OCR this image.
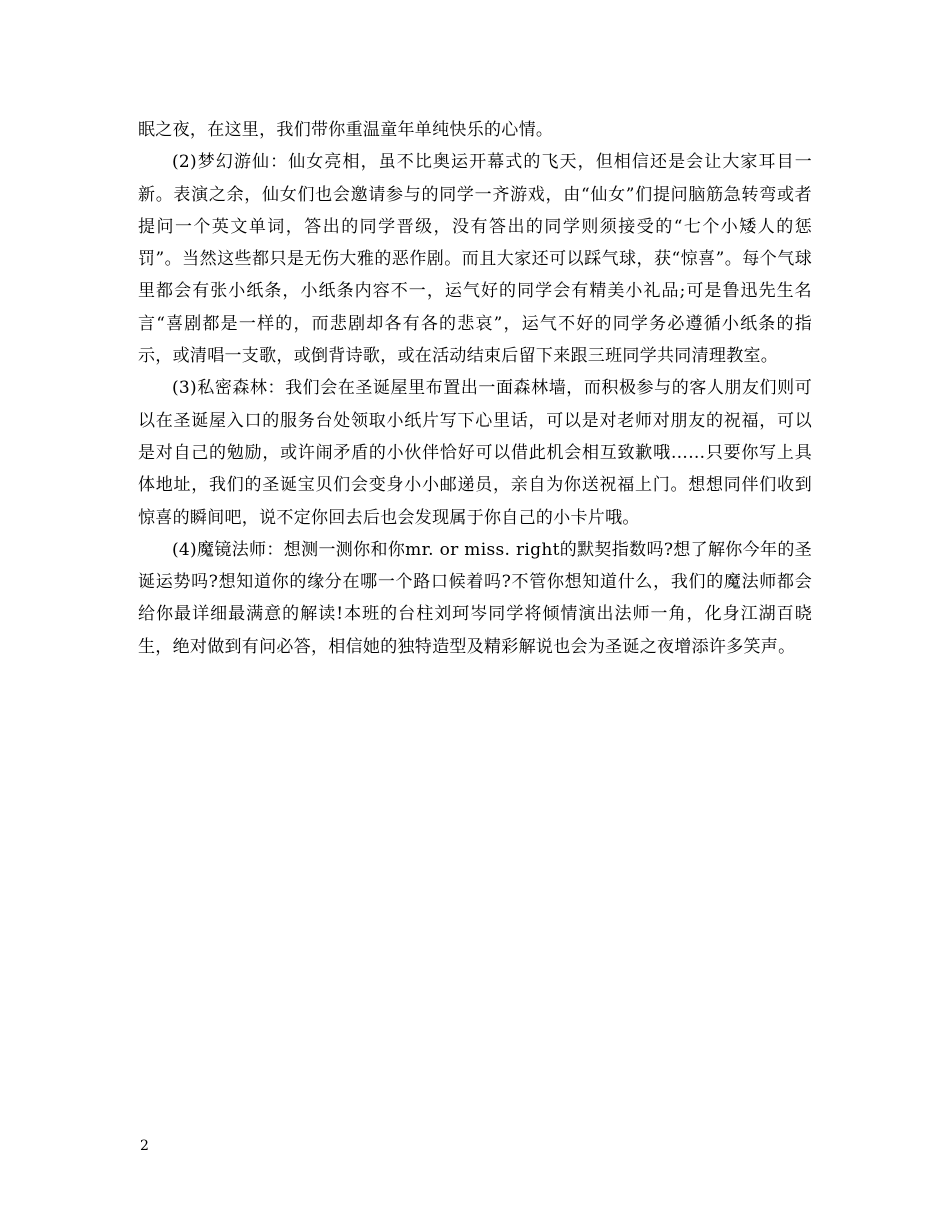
眠之夜，在这里，我们带你重温童年单纯快乐的心情。

(2)梦幻游仙：仙女亮相，虽不比奥运开幕式的飞天，但相信还是会让大家耳目一新。表演之余，仙女们也会邀请参与的同学一齐游戏，由“仙女”们提问脑筋急转弯或者提问一个英文单词，答出的同学晋级，没有答出的同学则须接受的“七个小矮人的惩罚”。当然这些都只是无伤大雅的恶作剧。而且大家还可以踩气球，获“惊喜”。每个气球里都会有张小纸条，小纸条内容不一，运气好的同学会有精美小礼品;可是鲁迅先生名言“喜剧都是一样的，而悲剧却各有各的悲哀”，运气不好的同学务必遵循小纸条的指示，或清唱一支歌，或倒背诗歌，或在活动结束后留下来跟三班同学共同清理教室。

(3)私密森林：我们会在圣诞屋里布置出一面森林墙，而积极参与的客人朋友们则可以在圣诞屋入口的服务台处领取小纸片写下心里话，可以是对老师对朋友的祝福，可以是对自己的勉励，或许闹矛盾的小伙伴恰好可以借此机会相互致歉哦……只要你写上具体地址，我们的圣诞宝贝们会变身小小邮递员，亲自为你送祝福上门。想想同伴们收到惊喜的瞬间吧，说不定你回去后也会发现属于你自己的小卡片哦。

(4)魔镜法师：想测一测你和你mr. or miss. right的默契指数吗?想了解你今年的圣诞运势吗?想知道你的缘分在哪一个路口候着吗?不管你想知道什么，我们的魔法师都会给你最详细最满意的解读!本班的台柱刘珂岑同学将倾情演出法师一角，化身江湖百晓生，绝对做到有问必答，相信她的独特造型及精彩解说也会为圣诞之夜增添许多笑声。

2
